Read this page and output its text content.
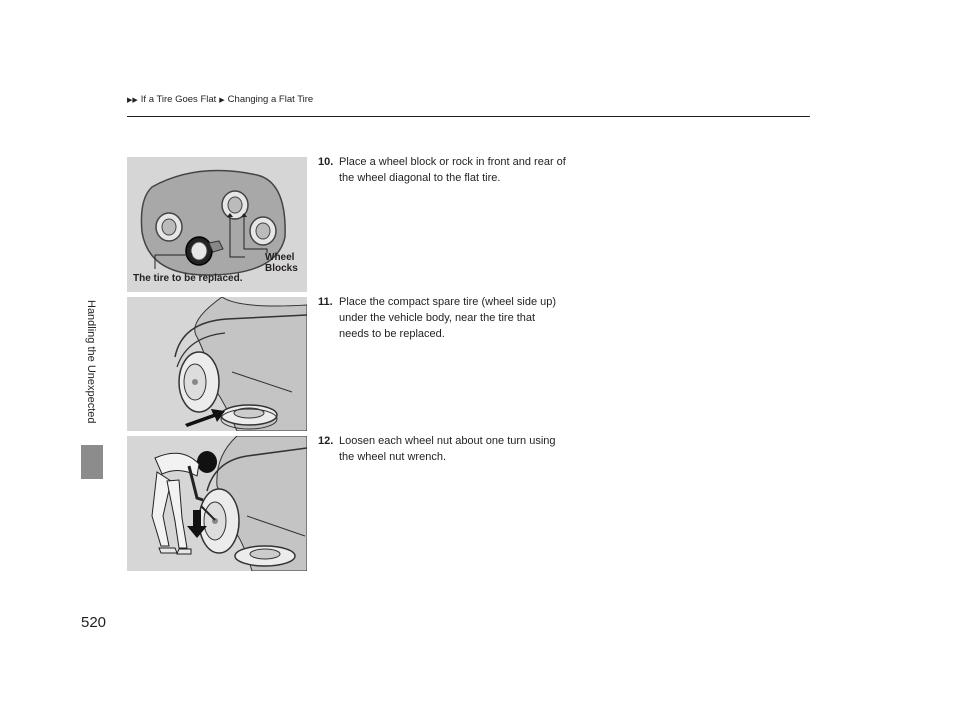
▶▶ If a Tire Goes Flat ▶ Changing a Flat Tire
Handling the Unexpected
Wheel
Blocks
The tire to be replaced.
10. Place a wheel block or rock in front and rear of the wheel diagonal to the flat tire.
11. Place the compact spare tire (wheel side up) under the vehicle body, near the tire that needs to be replaced.
12. Loosen each wheel nut about one turn using the wheel nut wrench.
520
